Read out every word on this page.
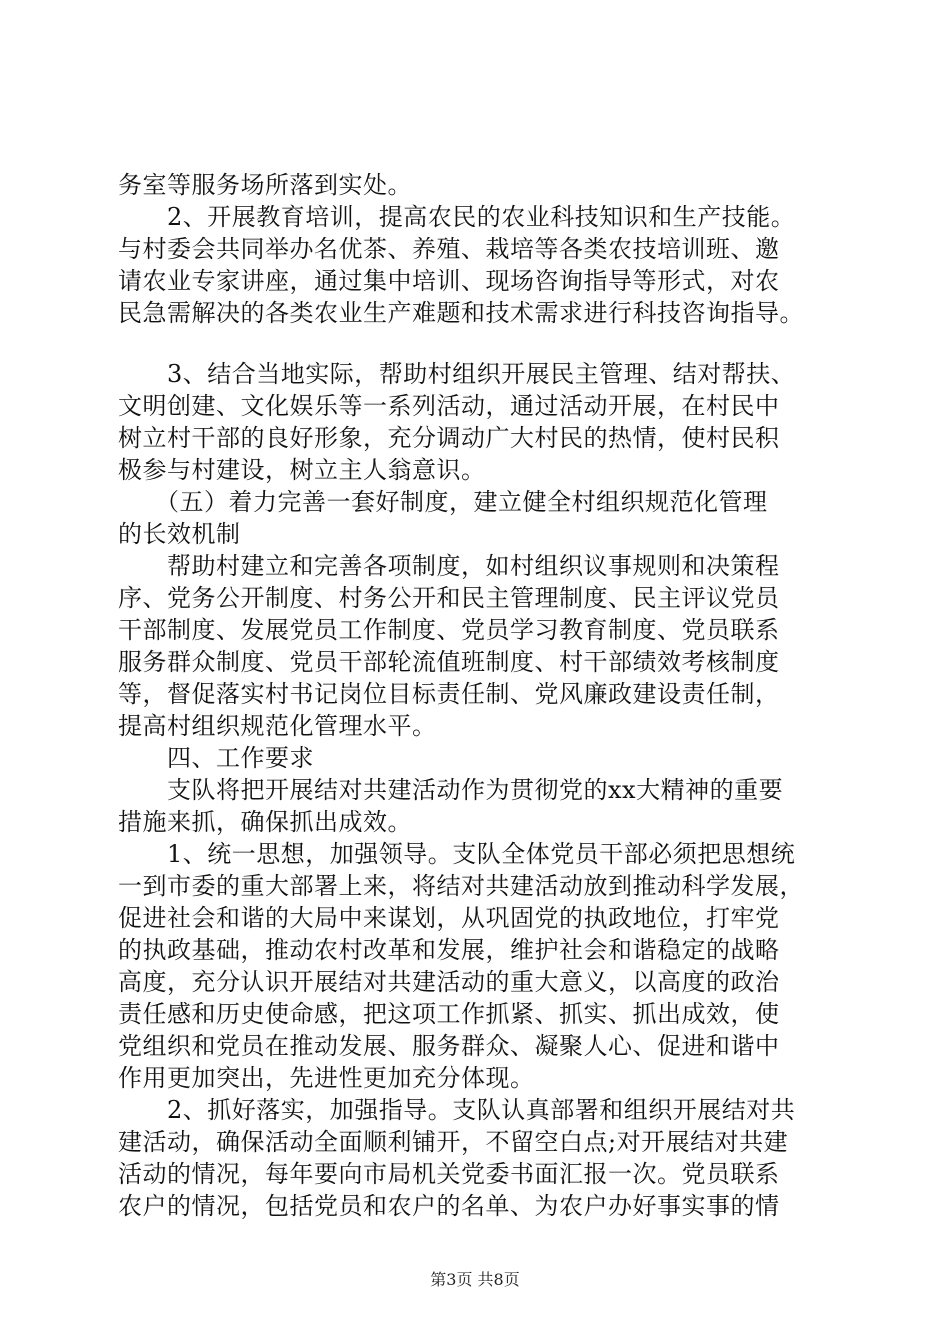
务室等服务场所落到实处。
　　2、开展教育培训，提高农民的农业科技知识和生产技能。
与村委会共同举办名优茶、养殖、栽培等各类农技培训班、邀
请农业专家讲座，通过集中培训、现场咨询指导等形式，对农
民急需解决的各类农业生产难题和技术需求进行科技咨询指导。
　　3、结合当地实际，帮助村组织开展民主管理、结对帮扶、
文明创建、文化娱乐等一系列活动，通过活动开展，在村民中
树立村干部的良好形象，充分调动广大村民的热情，使村民积
极参与村建设，树立主人翁意识。
　　（五）着力完善一套好制度，建立健全村组织规范化管理
的长效机制
　　帮助村建立和完善各项制度，如村组织议事规则和决策程
序、党务公开制度、村务公开和民主管理制度、民主评议党员
干部制度、发展党员工作制度、党员学习教育制度、党员联系
服务群众制度、党员干部轮流值班制度、村干部绩效考核制度
等，督促落实村书记岗位目标责任制、党风廉政建设责任制，
提高村组织规范化管理水平。
　　四、工作要求
　　支队将把开展结对共建活动作为贯彻党的xx大精神的重要
措施来抓，确保抓出成效。
　　1、统一思想，加强领导。支队全体党员干部必须把思想统
一到市委的重大部署上来，将结对共建活动放到推动科学发展，
促进社会和谐的大局中来谋划，从巩固党的执政地位，打牢党
的执政基础，推动农村改革和发展，维护社会和谐稳定的战略
高度，充分认识开展结对共建活动的重大意义，以高度的政治
责任感和历史使命感，把这项工作抓紧、抓实、抓出成效，使
党组织和党员在推动发展、服务群众、凝聚人心、促进和谐中
作用更加突出，先进性更加充分体现。
　　2、抓好落实，加强指导。支队认真部署和组织开展结对共
建活动，确保活动全面顺利铺开，不留空白点;对开展结对共建
活动的情况，每年要向市局机关党委书面汇报一次。党员联系
农户的情况，包括党员和农户的名单、为农户办好事实事的情
第3页 共8页
